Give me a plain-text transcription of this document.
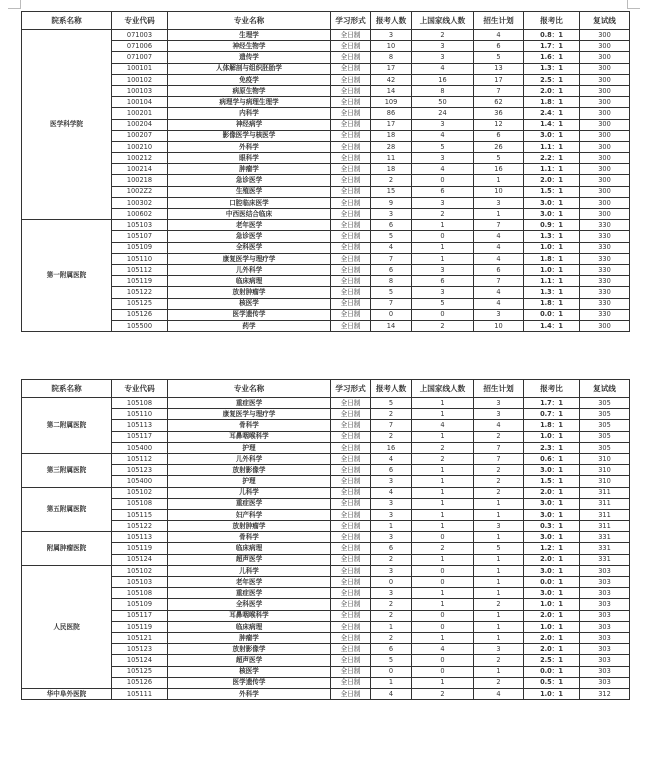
院系名称	专业代码	专业名称	学习形式	报考人数	上国家线人数	招生计划	报考比	复试线
医学科学院	071003	生理学	全日制	3	2	4	0.8：1	300
	071006	神经生物学	全日制	10	3	6	1.7：1	300
	071007	遗传学	全日制	8	3	5	1.6：1	300
	100101	人体解剖与组织胚胎学	全日制	17	4	13	1.3：1	300
	100102	免疫学	全日制	42	16	17	2.5：1	300
	100103	病原生物学	全日制	14	8	7	2.0：1	300
	100104	病理学与病理生理学	全日制	109	50	62	1.8：1	300
	100201	内科学	全日制	86	24	36	2.4：1	300
	100204	神经病学	全日制	17	3	12	1.4：1	300
	100207	影像医学与核医学	全日制	18	4	6	3.0：1	300
	100210	外科学	全日制	28	5	26	1.1：1	300
	100212	眼科学	全日制	11	3	5	2.2：1	300
	100214	肿瘤学	全日制	18	4	16	1.1：1	300
	100218	急诊医学	全日制	2	0	1	2.0：1	300
	1002Z2	生殖医学	全日制	15	6	10	1.5：1	300
	100302	口腔临床医学	全日制	9	3	3	3.0：1	300
	100602	中西医结合临床	全日制	3	2	1	3.0：1	300
第一附属医院	105103	老年医学	全日制	6	1	7	0.9：1	330
	105107	急诊医学	全日制	5	0	4	1.3：1	330
	105109	全科医学	全日制	4	1	4	1.0：1	330
	105110	康复医学与理疗学	全日制	7	1	4	1.8：1	330
	105112	儿外科学	全日制	6	3	6	1.0：1	330
	105119	临床病理	全日制	8	6	7	1.1：1	330
	105122	放射肿瘤学	全日制	5	3	4	1.3：1	330
	105125	核医学	全日制	7	5	4	1.8：1	330
	105126	医学遗传学	全日制	0	0	3	0.0：1	330
	105500	药学	全日制	14	2	10	1.4：1	300
院系名称	专业代码	专业名称	学习形式	报考人数	上国家线人数	招生计划	报考比	复试线
第二附属医院	105108	重症医学	全日制	5	1	3	1.7：1	305
	105110	康复医学与理疗学	全日制	2	1	3	0.7：1	305
	105113	骨科学	全日制	7	4	4	1.8：1	305
	105117	耳鼻咽喉科学	全日制	2	1	2	1.0：1	305
	105400	护理	全日制	16	2	7	2.3：1	305
第三附属医院	105112	儿外科学	全日制	4	2	7	0.6：1	310
	105123	放射影像学	全日制	6	1	2	3.0：1	310
	105400	护理	全日制	3	1	2	1.5：1	310
第五附属医院	105102	儿科学	全日制	4	1	2	2.0：1	311
	105108	重症医学	全日制	3	1	1	3.0：1	311
	105115	妇产科学	全日制	3	1	1	3.0：1	311
	105122	放射肿瘤学	全日制	1	1	3	0.3：1	311
附属肿瘤医院	105113	骨科学	全日制	3	0	1	3.0：1	331
	105119	临床病理	全日制	6	2	5	1.2：1	331
	105124	超声医学	全日制	2	1	1	2.0：1	331
人民医院	105102	儿科学	全日制	3	0	1	3.0：1	303
	105103	老年医学	全日制	0	0	1	0.0：1	303
	105108	重症医学	全日制	3	1	1	3.0：1	303
	105109	全科医学	全日制	2	1	2	1.0：1	303
	105117	耳鼻咽喉科学	全日制	2	0	1	2.0：1	303
	105119	临床病理	全日制	1	0	1	1.0：1	303
	105121	肿瘤学	全日制	2	1	1	2.0：1	303
	105123	放射影像学	全日制	6	4	3	2.0：1	303
	105124	超声医学	全日制	5	0	2	2.5：1	303
	105125	核医学	全日制	0	0	1	0.0：1	303
	105126	医学遗传学	全日制	1	1	2	0.5：1	303
华中阜外医院	105111	外科学	全日制	4	2	4	1.0：1	312
